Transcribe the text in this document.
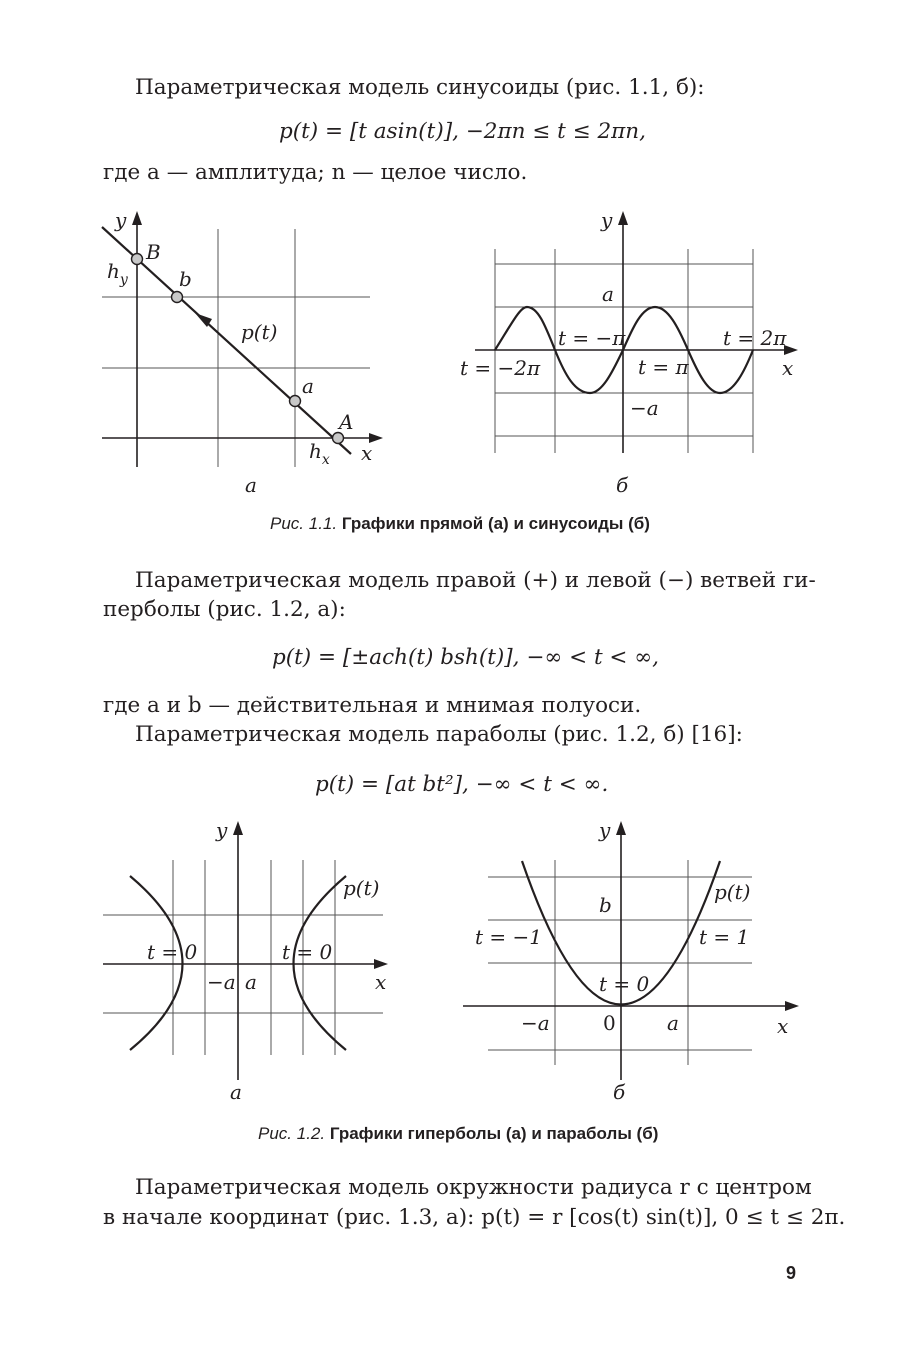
Параметрическая модель синусоиды (рис. 1.1, б):
p(t) = [t asin(t)], −2πn ≤ t ≤ 2πn,
где a — амплитуда; n — целое число.
y
x
B
b
a
A
$h_y$
$h_x$
p(t)
а
y
x
a
−a
t = −2π
t = −π
t = π
t = 2π
б
Рис. 1.1. Графики прямой (а) и синусоиды (б)
Параметрическая модель правой (+) и левой (−) ветвей ги-
перболы (рис. 1.2, а):
p(t) = [±ach(t) bsh(t)], −∞ < t < ∞,
где a и b — действительная и мнимая полуоси.
Параметрическая модель параболы (рис. 1.2, б) [16]:
p(t) = [at bt²], −∞ < t < ∞.
y
x
p(t)
t = 0	t = 0
−a a
а
y
x
p(t)
b
t = −1	t = 1
t = 0
−a	0	a
б
Рис. 1.2. Графики гиперболы (а) и параболы (б)
Параметрическая модель окружности радиуса r с центром
в начале координат (рис. 1.3, а): p(t) = r [cos(t) sin(t)], 0 ≤ t ≤ 2π.
9
